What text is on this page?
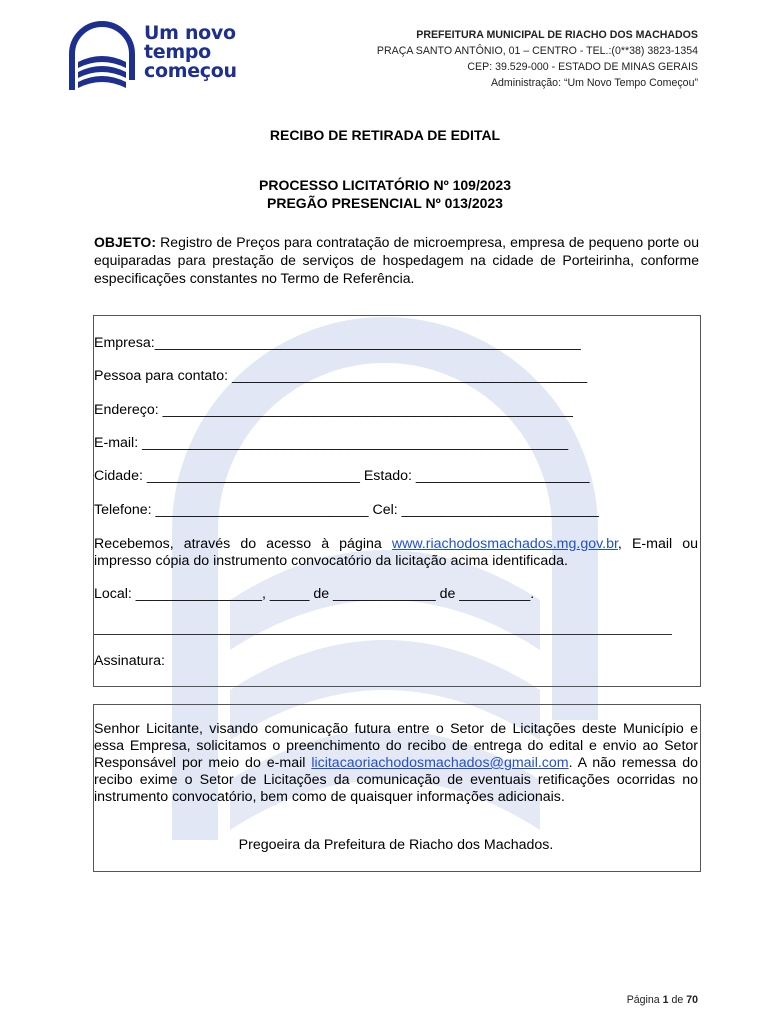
Um novo
tempo
começou
PREFEITURA MUNICIPAL DE RIACHO DOS MACHADOS
PRAÇA SANTO ANTÔNIO, 01 – CENTRO - TEL.:(0**38) 3823-1354
CEP: 39.529-000 - ESTADO DE MINAS GERAIS
Administração: “Um Novo Tempo Começou”
RECIBO DE RETIRADA DE EDITAL
PROCESSO LICITATÓRIO Nº 109/2023
PREGÃO PRESENCIAL Nº 013/2023
OBJETO: Registro de Preços para contratação de microempresa, empresa de pequeno porte ou equiparadas para prestação de serviços de hospedagem na cidade de Porteirinha, conforme especificações constantes no Termo de Referência.
Empresa:______________________________________________________
Pessoa para contato: _____________________________________________
Endereço: ____________________________________________________
E-mail: ______________________________________________________
Cidade: ___________________________ Estado: ______________________
Telefone: ___________________________ Cel: _________________________
Recebemos, através do acesso à página www.riachodosmachados.mg.gov.br, E-mail ou impresso cópia do instrumento convocatório da licitação acima identificada.
Local: ________________, _____ de _____________ de _________.
Assinatura:
Senhor Licitante, visando comunicação futura entre o Setor de Licitações deste Município e essa Empresa, solicitamos o preenchimento do recibo de entrega do edital e envio ao Setor Responsável por meio do e-mail licitacaoriachodosmachados@gmail.com. A não remessa do recibo exime o Setor de Licitações da comunicação de eventuais retificações ocorridas no instrumento convocatório, bem como de quaisquer informações adicionais.
Pregoeira da Prefeitura de Riacho dos Machados.
Página 1 de 70
